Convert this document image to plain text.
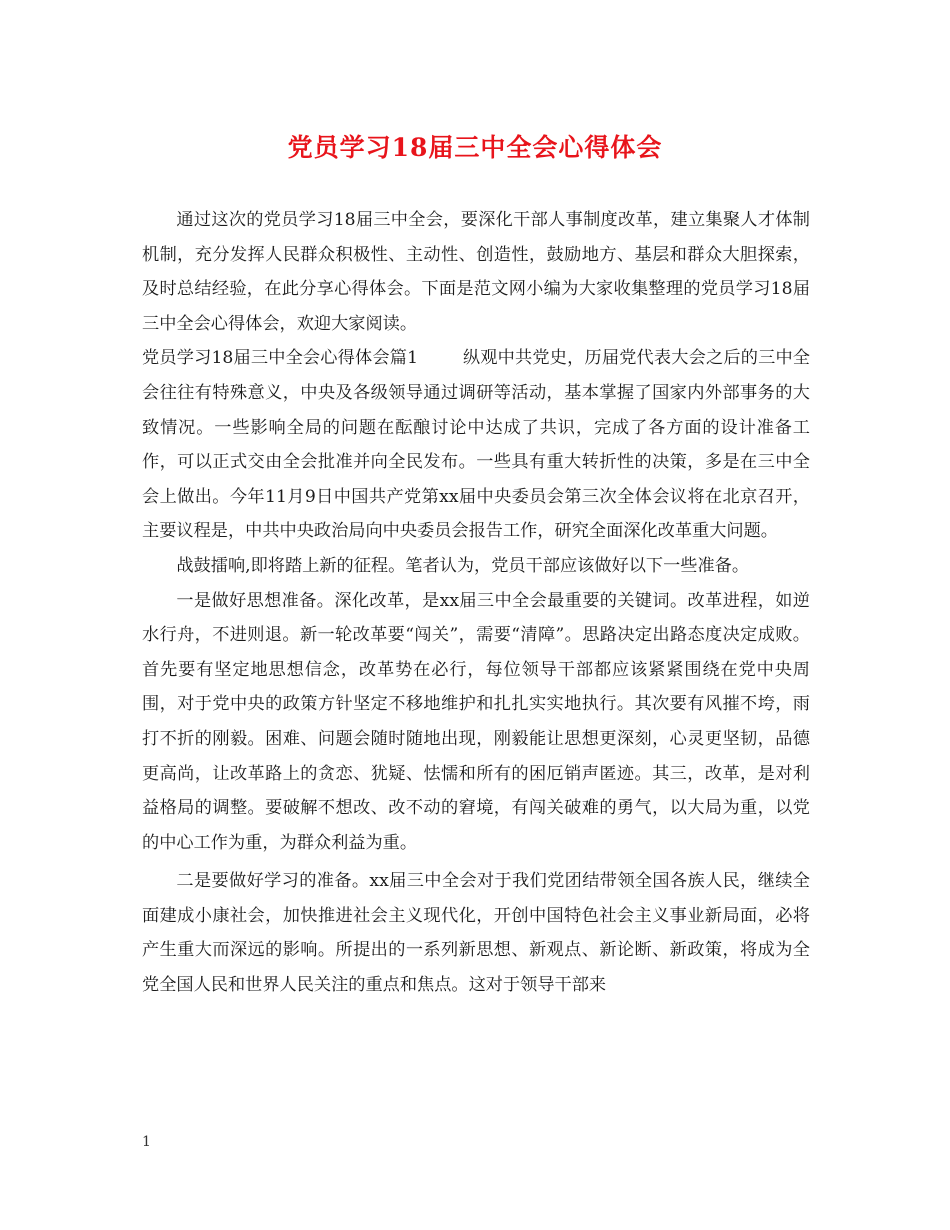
党员学习18届三中全会心得体会

通过这次的党员学习18届三中全会，要深化干部人事制度改革，建立集聚人才体制机制，充分发挥人民群众积极性、主动性、创造性，鼓励地方、基层和群众大胆探索，及时总结经验，在此分享心得体会。下面是范文网小编为大家收集整理的党员学习18届三中全会心得体会，欢迎大家阅读。

党员学习18届三中全会心得体会篇1	纵观中共党史，历届党代表大会之后的三中全会往往有特殊意义，中央及各级领导通过调研等活动，基本掌握了国家内外部事务的大致情况。一些影响全局的问题在酝酿讨论中达成了共识，完成了各方面的设计准备工作，可以正式交由全会批准并向全民发布。一些具有重大转折性的决策，多是在三中全会上做出。今年11月9日中国共产党第xx届中央委员会第三次全体会议将在北京召开，主要议程是，中共中央政治局向中央委员会报告工作，研究全面深化改革重大问题。

战鼓擂响,即将踏上新的征程。笔者认为，党员干部应该做好以下一些准备。

一是做好思想准备。深化改革，是xx届三中全会最重要的关键词。改革进程，如逆水行舟，不进则退。新一轮改革要“闯关”，需要“清障”。思路决定出路态度决定成败。首先要有坚定地思想信念，改革势在必行，每位领导干部都应该紧紧围绕在党中央周围，对于党中央的政策方针坚定不移地维护和扎扎实实地执行。其次要有风摧不垮，雨打不折的刚毅。困难、问题会随时随地出现，刚毅能让思想更深刻，心灵更坚韧，品德更高尚，让改革路上的贪恋、犹疑、怯懦和所有的困厄销声匿迹。其三，改革，是对利益格局的调整。要破解不想改、改不动的窘境，有闯关破难的勇气，以大局为重，以党的中心工作为重，为群众利益为重。

二是要做好学习的准备。xx届三中全会对于我们党团结带领全国各族人民，继续全面建成小康社会，加快推进社会主义现代化，开创中国特色社会主义事业新局面，必将产生重大而深远的影响。所提出的一系列新思想、新观点、新论断、新政策，将成为全党全国人民和世界人民关注的重点和焦点。这对于领导干部来

1
